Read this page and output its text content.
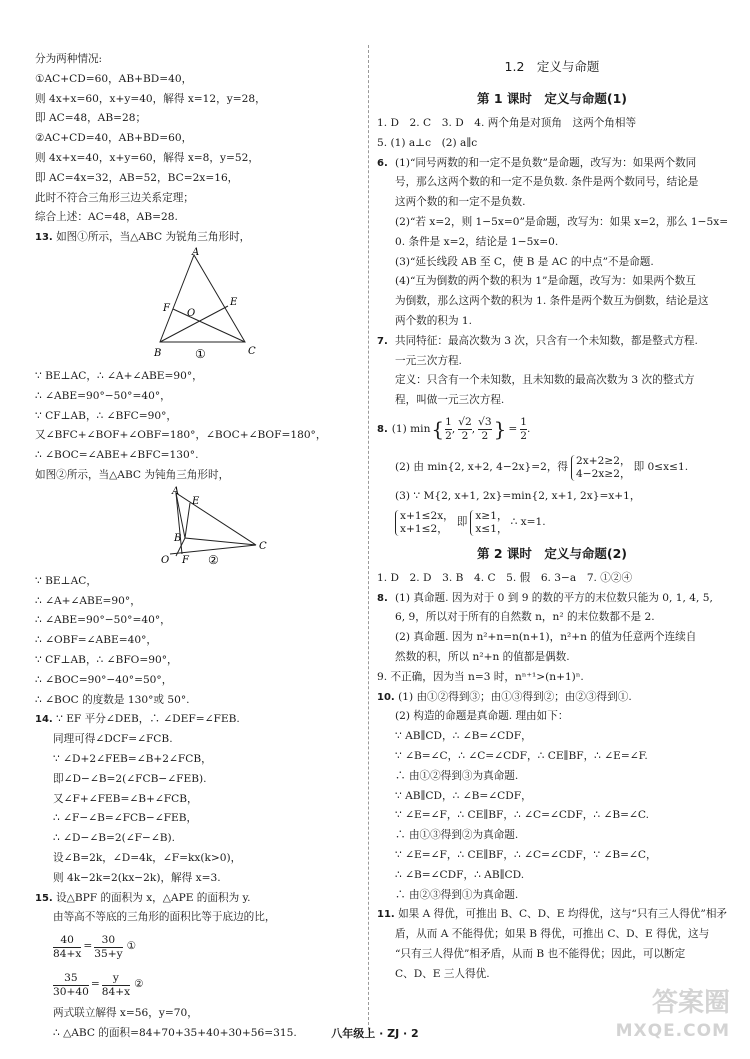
分为两种情况:
①AC+CD=60，AB+BD=40，
则 4x+x=60，x+y=40，解得 x=12，y=28，
即 AC=48，AB=28；
②AC+CD=40，AB+BD=60，
则 4x+x=40，x+y=60，解得 x=8，y=52，
即 AC=4x=32，AB=52，BC=2x=16，
此时不符合三角形三边关系定理；
综合上述：AC=48，AB=28.
13. 如图①所示，当△ABC 为锐角三角形时，
A
B	C
E
F O
①
∵ BE⊥AC，∴ ∠A+∠ABE=90°，
∴ ∠ABE=90°−50°=40°，
∵ CF⊥AB，∴ ∠BFC=90°，
又∠BFC+∠BOF+∠OBF=180°，∠BOC+∠BOF=180°，
∴ ∠BOC=∠ABE+∠BFC=130°.
如图②所示，当△ABC 为钝角三角形时，
A
B
C
E
F
O	②
∵ BE⊥AC，
∴ ∠A+∠ABE=90°，
∴ ∠ABE=90°−50°=40°，
∴ ∠OBF=∠ABE=40°，
∵ CF⊥AB，∴ ∠BFO=90°，
∴ ∠BOC=90°−40°=50°，
∴ ∠BOC 的度数是 130°或 50°.
14. ∵ EF 平分∠DEB，∴ ∠DEF=∠FEB.
同理可得∠DCF=∠FCB.
∵ ∠D+2∠FEB=∠B+2∠FCB，
即∠D−∠B=2(∠FCB−∠FEB).
又∠F+∠FEB=∠B+∠FCB，
∴ ∠F−∠B=∠FCB−∠FEB，
∴ ∠D−∠B=2(∠F−∠B).
设∠B=2k，∠D=4k，∠F=kx(k>0)，
则 4k−2k=2(kx−2k)，解得 x=3.
15. 设△BPF 的面积为 x，△APE 的面积为 y.
由等高不等底的三角形的面积比等于底边的比，
$\frac{40}{84+x} = \frac{30}{35+y}$ ①
$\frac{35}{30+40} = \frac{y}{84+x}$ ②
两式联立解得 x=56，y=70，
∴ △ABC 的面积=84+70+35+40+30+56=315.
1.2　定义与命题
第 1 课时　定义与命题(1)
1. D　2. C　3. D　4. 两个角是对顶角　这两个角相等
5. (1) a⊥c　(2) a∥c
6. (1)“同号两数的和一定不是负数”是命题，改写为：如果两个数同
号，那么这两个数的和一定不是负数. 条件是两个数同号，结论是
这两个数的和一定不是负数.
(2)“若 x=2，则 1−5x=0”是命题，改写为：如果 x=2，那么 1−5x=
0. 条件是 x=2，结论是 1−5x=0.
(3)“延长线段 AB 至 C，使 B 是 AC 的中点”不是命题.
(4)“互为倒数的两个数的积为 1”是命题，改写为：如果两个数互
为倒数，那么这两个数的积为 1. 条件是两个数互为倒数，结论是这
两个数的积为 1.
7. 共同特征：最高次数为 3 次，只含有一个未知数，都是整式方程.
一元三次方程.
定义：只含有一个未知数，且未知数的最高次数为 3 次的整式方
程，叫做一元三次方程.
8. (1) min { $\frac{1}{2}$ , $\frac{√2}{2}$ , $\frac{√3}{2}$ } = $\frac{1}{2}$ .
(2) 由 min{2, x+2, 4−2x}=2，得
2x+2≥2，
4−2x≥2，
即 0≤x≤1.
(3) ∵ M{2, x+1, 2x}=min{2, x+1, 2x}=x+1，
x+1≤2x，
x+1≤2，
即
x≥1，
x≤1，
∴ x=1.
第 2 课时　定义与命题(2)
1. D　2. D　3. B　4. C　5. 假　6. 3−a　7. ①②④
8. (1) 真命题. 因为对于 0 到 9 的数的平方的末位数只能为 0, 1, 4, 5,
6, 9，所以对于所有的自然数 n，n² 的末位数都不是 2.
(2) 真命题. 因为 n²+n=n(n+1)，n²+n 的值为任意两个连续自
然数的积，所以 n²+n 的值都是偶数.
9. 不正确，因为当 n=3 时，nⁿ⁺¹>(n+1)ⁿ.
10. (1) 由①②得到③；由①③得到②；由②③得到①.
(2) 构造的命题是真命题. 理由如下：
∵ AB∥CD，∴ ∠B=∠CDF，
∵ ∠B=∠C，∴ ∠C=∠CDF，∴ CE∥BF，∴ ∠E=∠F.
∴ 由①②得到③为真命题.
∵ AB∥CD，∴ ∠B=∠CDF，
∵ ∠E=∠F，∴ CE∥BF，∴ ∠C=∠CDF，∴ ∠B=∠C.
∴ 由①③得到②为真命题.
∵ ∠E=∠F，∴ CE∥BF，∴ ∠C=∠CDF，∵ ∠B=∠C，
∴ ∠B=∠CDF，∴ AB∥CD.
∴ 由②③得到①为真命题.
11. 如果 A 得优，可推出 B、C、D、E 均得优，这与“只有三人得优”相矛
盾，从而 A 不能得优；如果 B 得优，可推出 C、D、E 得优，这与
“只有三人得优”相矛盾，从而 B 也不能得优；因此，可以断定
C、D、E 三人得优.
八年级上 · ZJ · 2
答案圈
MXQE.COM
